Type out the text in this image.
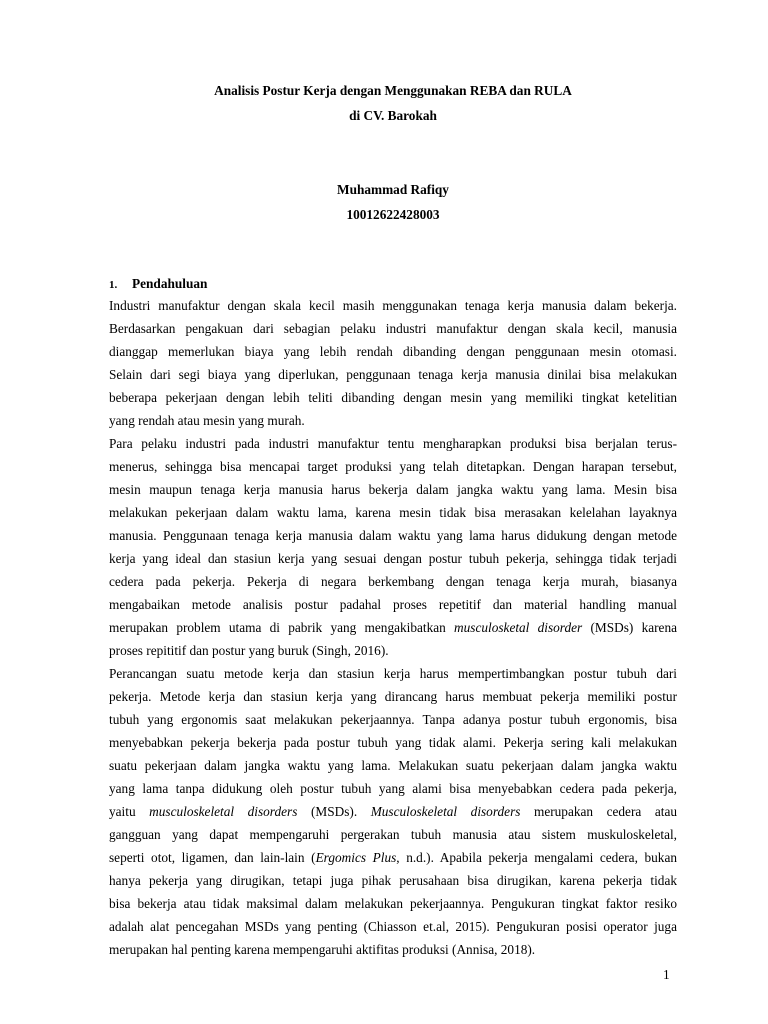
Analisis Postur Kerja dengan Menggunakan REBA dan RULA
di CV. Barokah
Muhammad Rafiqy
10012622428003
1. Pendahuluan
Industri manufaktur dengan skala kecil masih menggunakan tenaga kerja manusia dalam bekerja.
Berdasarkan pengakuan dari sebagian pelaku industri manufaktur dengan skala kecil, manusia
dianggap memerlukan biaya yang lebih rendah dibanding dengan penggunaan mesin otomasi.
Selain dari segi biaya yang diperlukan, penggunaan tenaga kerja manusia dinilai bisa melakukan
beberapa pekerjaan dengan lebih teliti dibanding dengan mesin yang memiliki tingkat ketelitian
yang rendah atau mesin yang murah.
Para pelaku industri pada industri manufaktur tentu mengharapkan produksi bisa berjalan terus-
menerus, sehingga bisa mencapai target produksi yang telah ditetapkan. Dengan harapan tersebut,
mesin maupun tenaga kerja manusia harus bekerja dalam jangka waktu yang lama. Mesin bisa
melakukan pekerjaan dalam waktu lama, karena mesin tidak bisa merasakan kelelahan layaknya
manusia. Penggunaan tenaga kerja manusia dalam waktu yang lama harus didukung dengan metode
kerja yang ideal dan stasiun kerja yang sesuai dengan postur tubuh pekerja, sehingga tidak terjadi
cedera pada pekerja. Pekerja di negara berkembang dengan tenaga kerja murah, biasanya
mengabaikan metode analisis postur padahal proses repetitif dan material handling manual
merupakan problem utama di pabrik yang mengakibatkan musculosketal disorder (MSDs) karena
proses repititif dan postur yang buruk (Singh, 2016).
Perancangan suatu metode kerja dan stasiun kerja harus mempertimbangkan postur tubuh dari
pekerja. Metode kerja dan stasiun kerja yang dirancang harus membuat pekerja memiliki postur
tubuh yang ergonomis saat melakukan pekerjaannya. Tanpa adanya postur tubuh ergonomis, bisa
menyebabkan pekerja bekerja pada postur tubuh yang tidak alami. Pekerja sering kali melakukan
suatu pekerjaan dalam jangka waktu yang lama. Melakukan suatu pekerjaan dalam jangka waktu
yang lama tanpa didukung oleh postur tubuh yang alami bisa menyebabkan cedera pada pekerja,
yaitu musculoskeletal disorders (MSDs). Musculoskeletal disorders merupakan cedera atau
gangguan yang dapat mempengaruhi pergerakan tubuh manusia atau sistem muskuloskeletal,
seperti otot, ligamen, dan lain-lain (Ergomics Plus, n.d.). Apabila pekerja mengalami cedera, bukan
hanya pekerja yang dirugikan, tetapi juga pihak perusahaan bisa dirugikan, karena pekerja tidak
bisa bekerja atau tidak maksimal dalam melakukan pekerjaannya. Pengukuran tingkat faktor resiko
adalah alat pencegahan MSDs yang penting (Chiasson et.al, 2015). Pengukuran posisi operator juga
merupakan hal penting karena mempengaruhi aktifitas produksi (Annisa, 2018).
1
